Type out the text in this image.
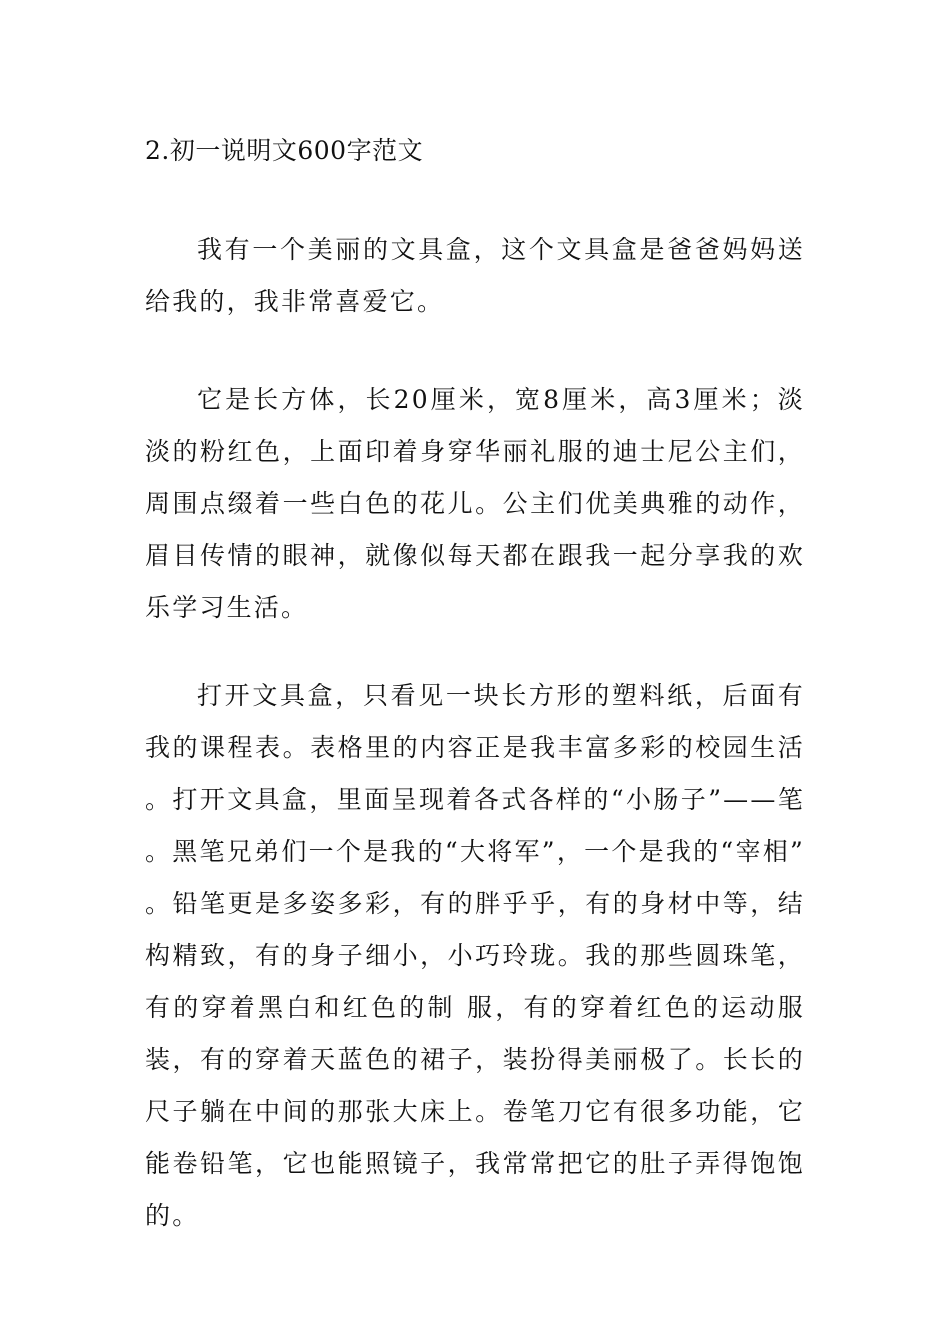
2.初一说明文600字范文

我有一个美丽的文具盒，这个文具盒是爸爸妈妈送给我的，我非常喜爱它。

它是长方体，长20厘米，宽8厘米，高3厘米；淡淡的粉红色，上面印着身穿华丽礼服的迪士尼公主们，周围点缀着一些白色的花儿。公主们优美典雅的动作，眉目传情的眼神，就像似每天都在跟我一起分享我的欢乐学习生活。

打开文具盒，只看见一块长方形的塑料纸，后面有我的课程表。表格里的内容正是我丰富多彩的校园生活。打开文具盒，里面呈现着各式各样的“小肠子”——笔。黑笔兄弟们一个是我的“大将军”，一个是我的“宰相”。铅笔更是多姿多彩，有的胖乎乎，有的身材中等，结构精致，有的身子细小，小巧玲珑。我的那些圆珠笔，有的穿着黑白和红色的制 服，有的穿着红色的运动服装，有的穿着天蓝色的裙子，装扮得美丽极了。长长的尺子躺在中间的那张大床上。卷笔刀它有很多功能，它能卷铅笔，它也能照镜子，我常常把它的肚子弄得饱饱的。
